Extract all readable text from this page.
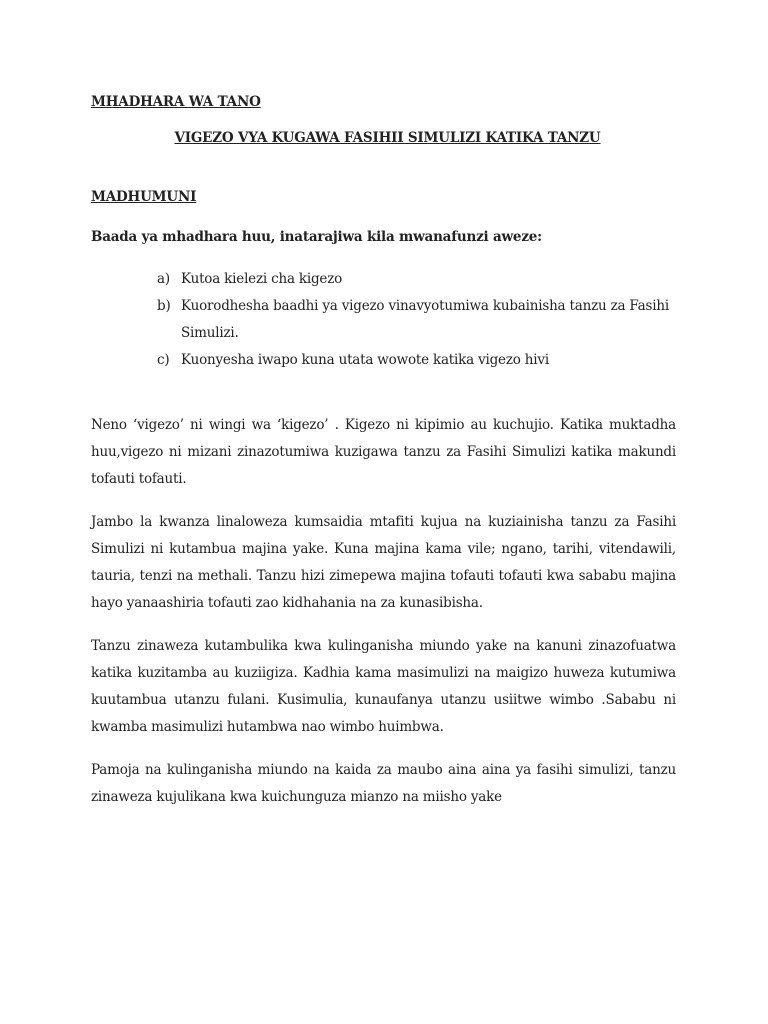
MHADHARA WA TANO

VIGEZO VYA KUGAWA FASIHII SIMULIZI KATIKA TANZU

MADHUMUNI

Baada ya mhadhara huu, inatarajiwa kila mwanafunzi aweze:

a) Kutoa kielezi cha kigezo
b) Kuorodhesha baadhi ya vigezo vinavyotumiwa kubainisha tanzu za Fasihi Simulizi.
c) Kuonyesha iwapo kuna utata wowote katika vigezo hivi

Neno ‘vigezo’ ni wingi wa ‘kigezo’ . Kigezo ni kipimio au kuchujio. Katika muktadha huu,vigezo ni mizani zinazotumiwa kuzigawa tanzu za Fasihi Simulizi katika makundi tofauti tofauti.

Jambo la kwanza linaloweza kumsaidia mtafiti kujua na kuziainisha tanzu za Fasihi Simulizi ni kutambua majina yake. Kuna majina kama vile; ngano, tarihi, vitendawili, tauria, tenzi na methali. Tanzu hizi zimepewa majina tofauti tofauti kwa sababu majina hayo yanaashiria tofauti zao kidhahania na za kunasibisha.

Tanzu zinaweza kutambulika kwa kulinganisha miundo yake na kanuni zinazofuatwa katika kuzitamba au kuziigiza. Kadhia kama masimulizi na maigizo huweza kutumiwa kuutambua utanzu fulani. Kusimulia, kunaufanya utanzu usiitwe wimbo .Sababu ni kwamba masimulizi hutambwa nao wimbo huimbwa.

Pamoja na kulinganisha miundo na kaida za maubo aina aina ya fasihi simulizi, tanzu zinaweza kujulikana kwa kuichunguza mianzo na miisho yake
